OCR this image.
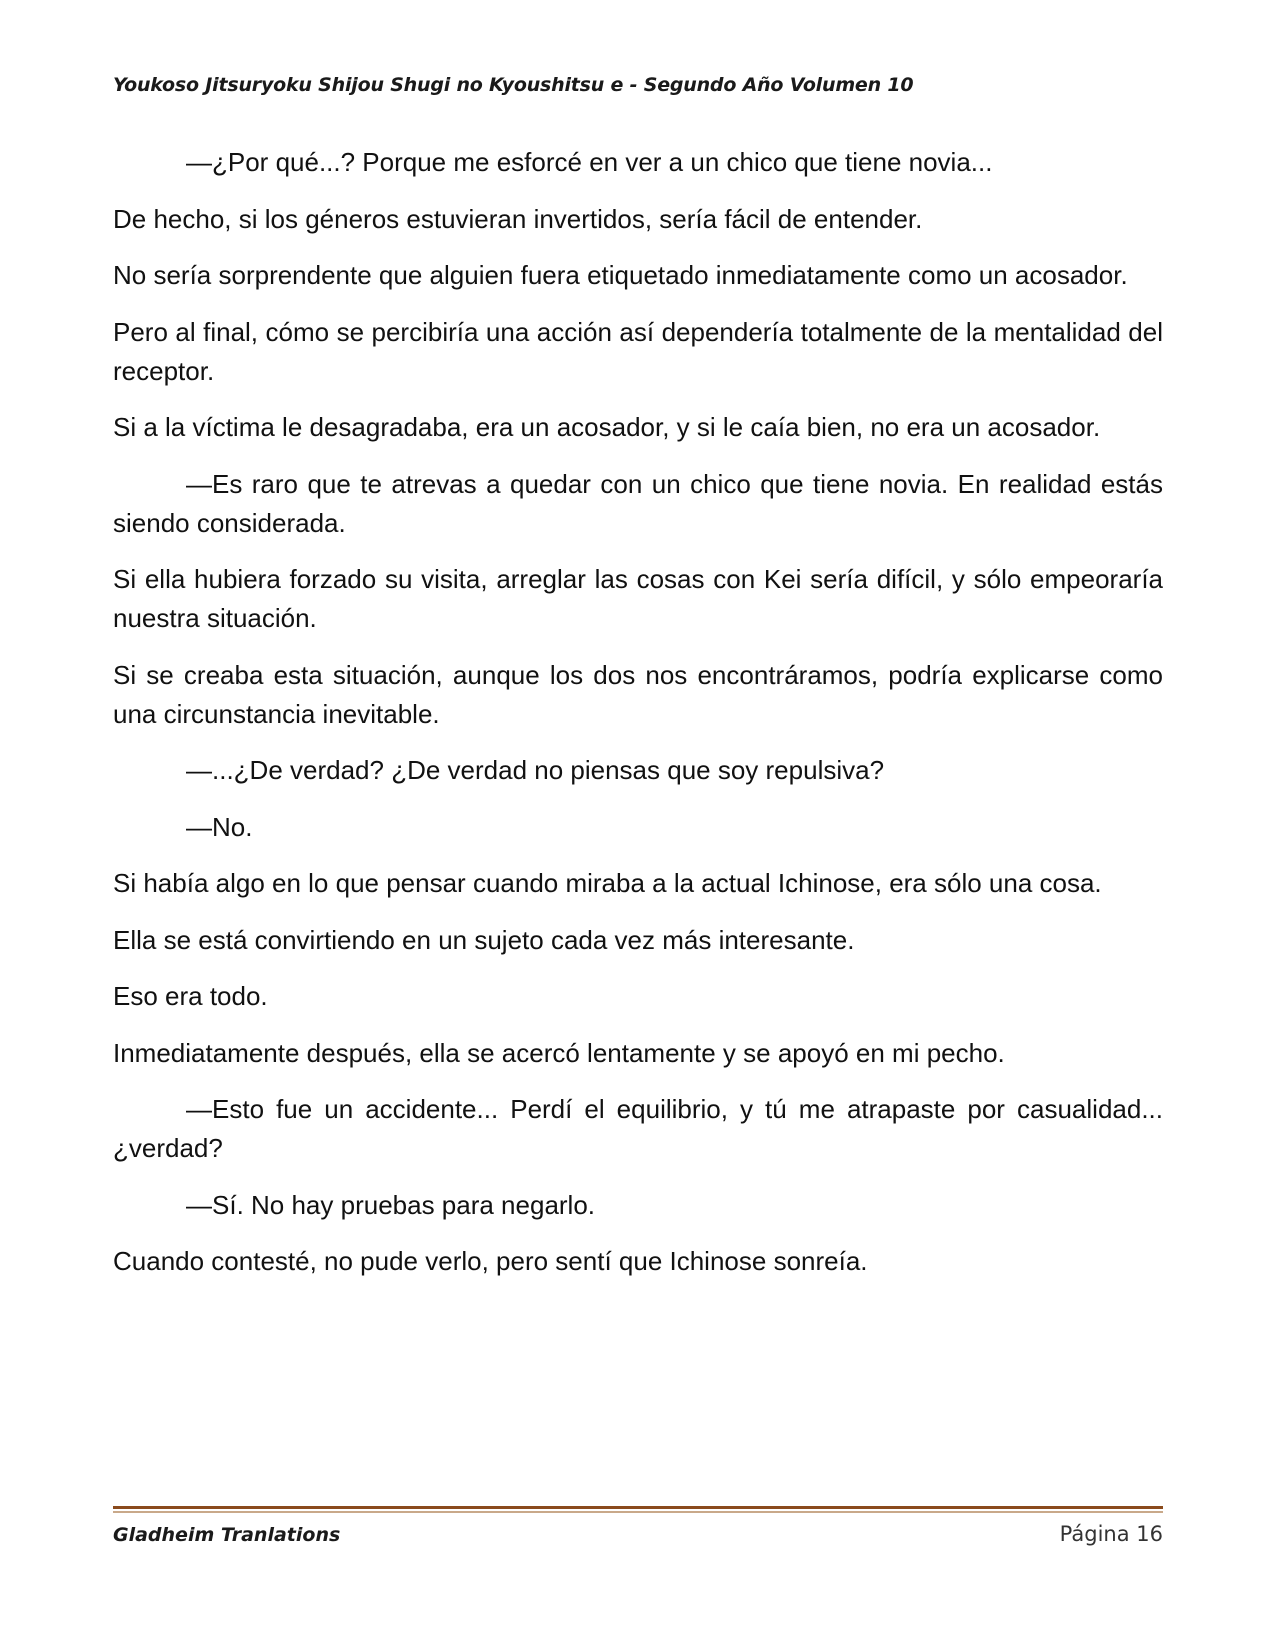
Youkoso Jitsuryoku Shijou Shugi no Kyoushitsu e - Segundo Año Volumen 10

—¿Por qué...? Porque me esforcé en ver a un chico que tiene novia...

De hecho, si los géneros estuvieran invertidos, sería fácil de entender.

No sería sorprendente que alguien fuera etiquetado inmediatamente como un acosador.

Pero al final, cómo se percibiría una acción así dependería totalmente de la mentalidad del receptor.

Si a la víctima le desagradaba, era un acosador, y si le caía bien, no era un acosador.

—Es raro que te atrevas a quedar con un chico que tiene novia. En realidad estás siendo considerada.

Si ella hubiera forzado su visita, arreglar las cosas con Kei sería difícil, y sólo empeoraría nuestra situación.

Si se creaba esta situación, aunque los dos nos encontráramos, podría explicarse como una circunstancia inevitable.

—...¿De verdad? ¿De verdad no piensas que soy repulsiva?

—No.

Si había algo en lo que pensar cuando miraba a la actual Ichinose, era sólo una cosa.

Ella se está convirtiendo en un sujeto cada vez más interesante.

Eso era todo.

Inmediatamente después, ella se acercó lentamente y se apoyó en mi pecho.

—Esto fue un accidente... Perdí el equilibrio, y tú me atrapaste por casualidad... ¿verdad?

—Sí. No hay pruebas para negarlo.

Cuando contesté, no pude verlo, pero sentí que Ichinose sonreía.

Gladheim Tranlations	Página 16
